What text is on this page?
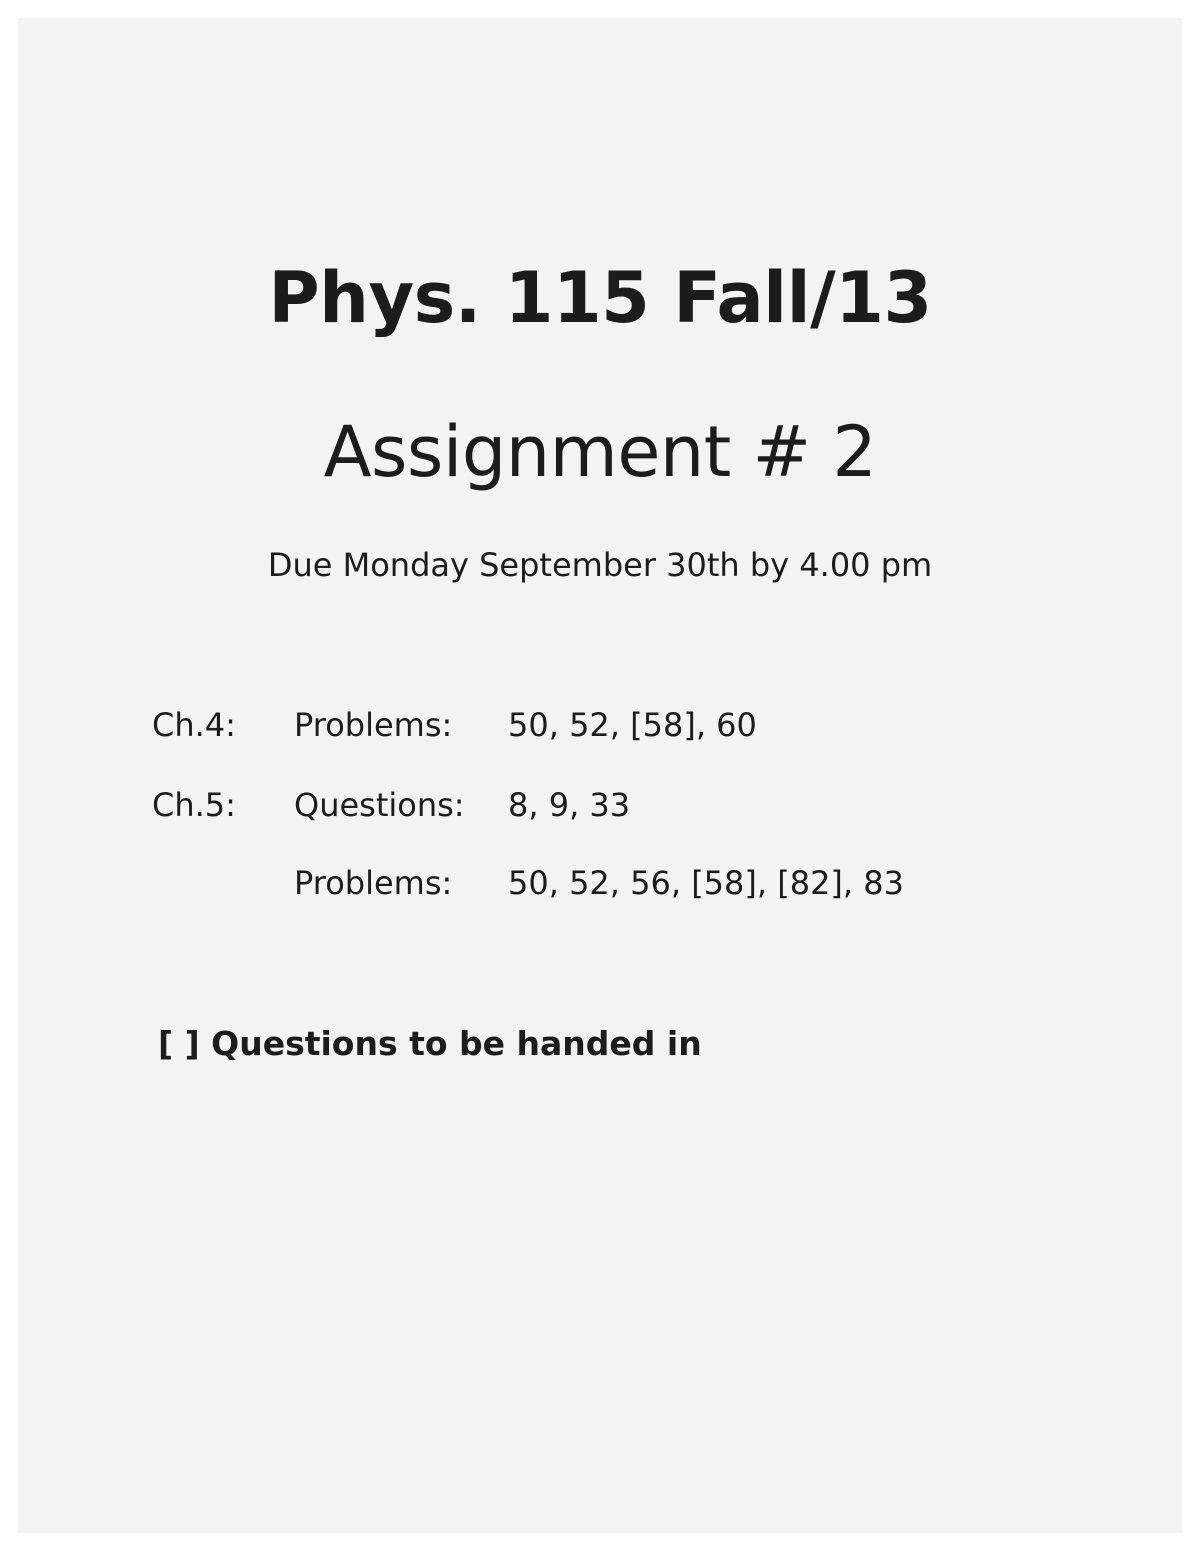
Phys. 115 Fall/13
Assignment # 2
Due Monday September 30th by 4.00 pm
Ch.4: Problems: 50, 52, [58], 60
Ch.5: Questions: 8, 9, 33
Problems: 50, 52, 56, [58], [82], 83
[ ] Questions to be handed in
